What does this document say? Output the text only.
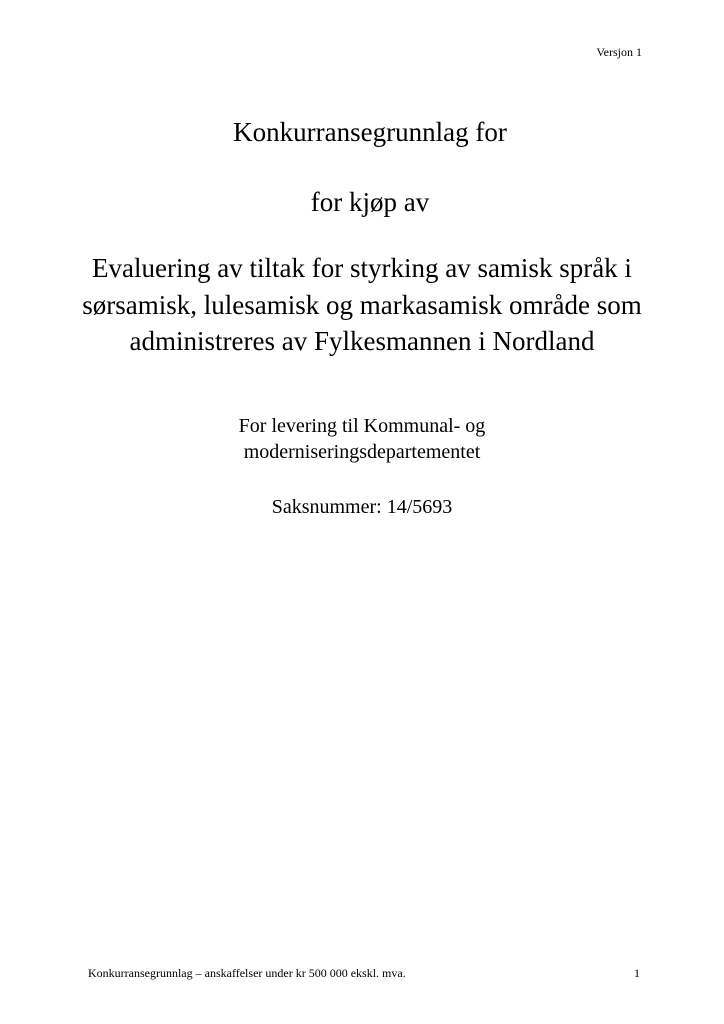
Versjon 1
Konkurransegrunnlag for
for kjøp av
Evaluering av tiltak for styrking av samisk språk i sørsamisk, lulesamisk og markasamisk område som administreres av Fylkesmannen i Nordland
For levering til Kommunal- og
moderniseringsdepartementet
Saksnummer: 14/5693
Konkurransegrunnlag – anskaffelser under kr 500 000 ekskl. mva.	1
